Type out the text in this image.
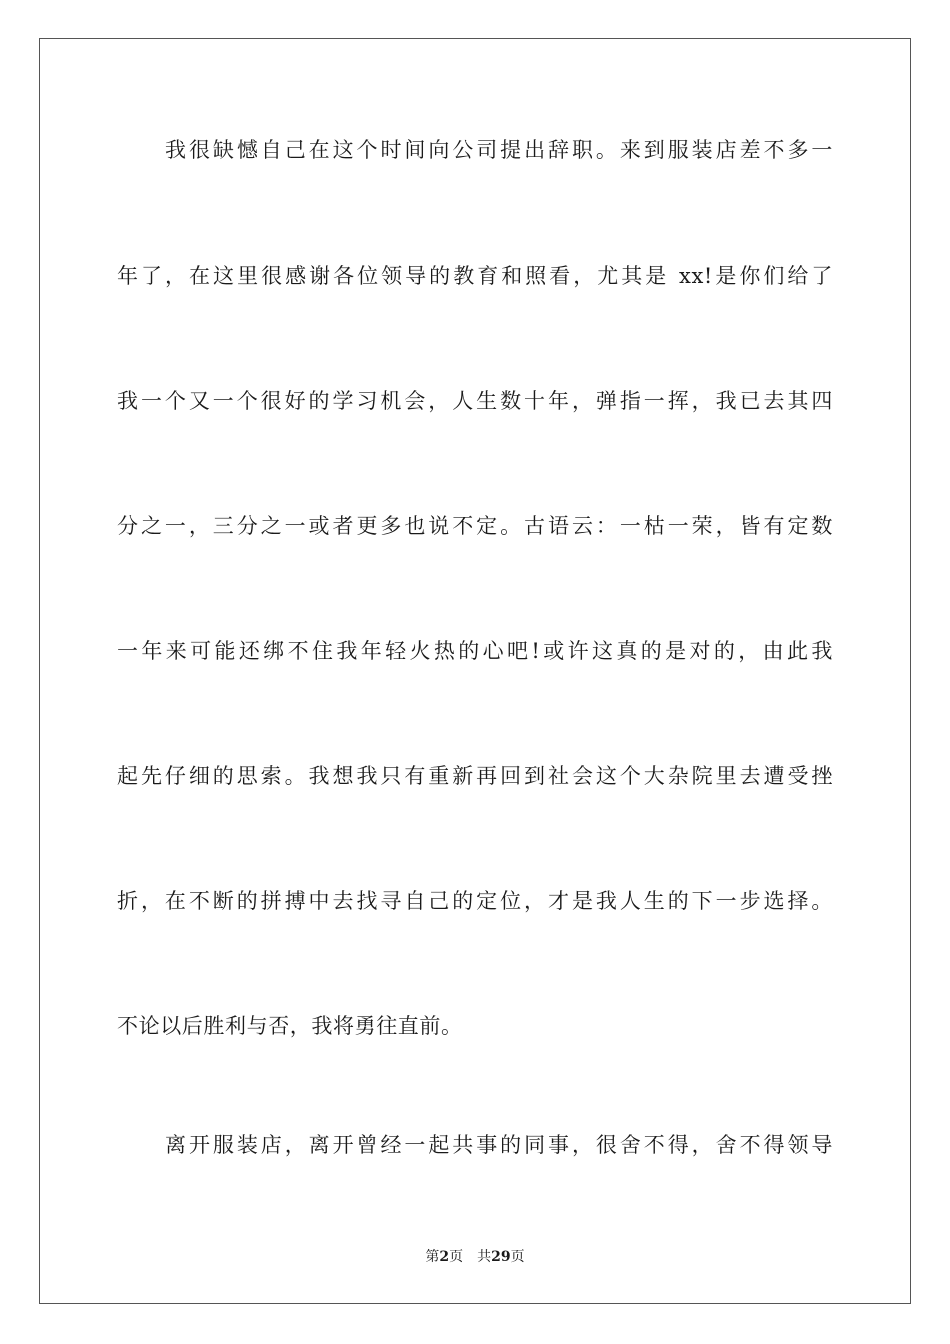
我很缺憾自己在这个时间向公司提出辞职。来到服装店差不多一
年了，在这里很感谢各位领导的教育和照看，尤其是 xx!是你们给了
我一个又一个很好的学习机会，人生数十年，弹指一挥，我已去其四
分之一，三分之一或者更多也说不定。古语云：一枯一荣，皆有定数
一年来可能还绑不住我年轻火热的心吧!或许这真的是对的，由此我
起先仔细的思索。我想我只有重新再回到社会这个大杂院里去遭受挫
折，在不断的拼搏中去找寻自己的定位，才是我人生的下一步选择。
不论以后胜利与否，我将勇往直前。
离开服装店，离开曾经一起共事的同事，很舍不得，舍不得领导
第2页 共29页
